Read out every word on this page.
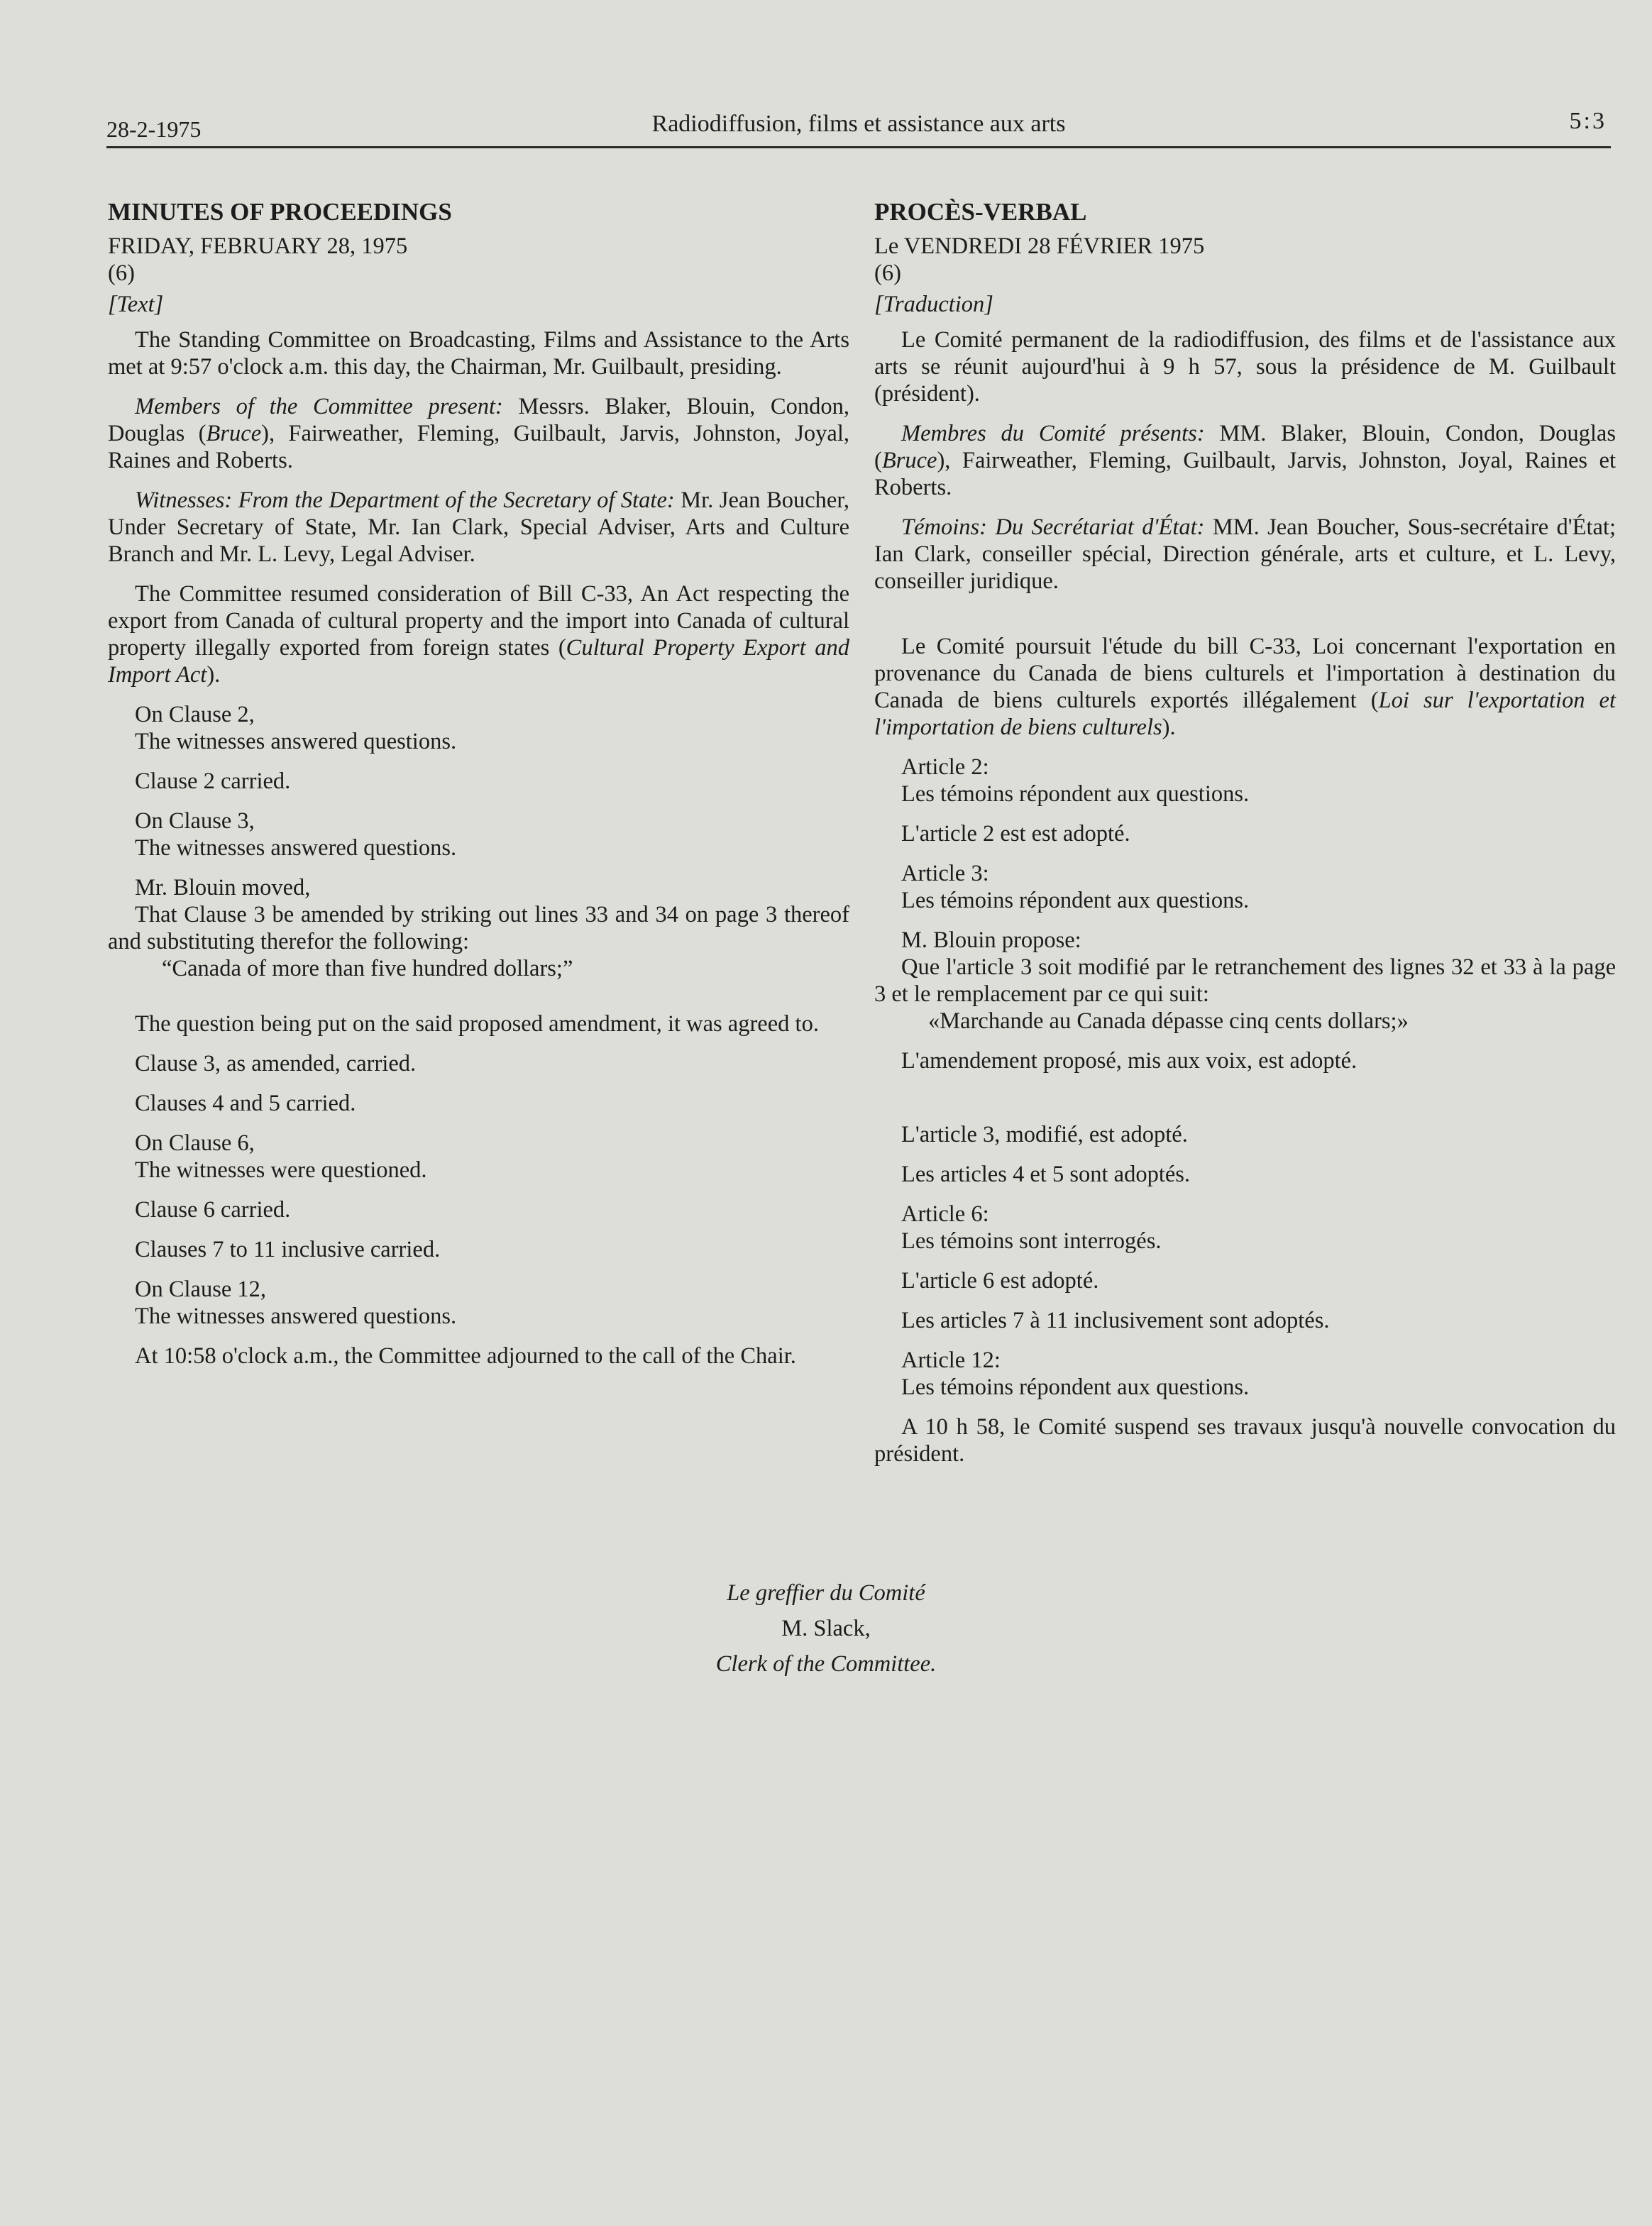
28-2-1975	Radiodiffusion, films et assistance aux arts	5:3
MINUTES OF PROCEEDINGS
FRIDAY, FEBRUARY 28, 1975
(6)
[Text]

The Standing Committee on Broadcasting, Films and Assistance to the Arts met at 9:57 o'clock a.m. this day, the Chairman, Mr. Guilbault, presiding.

Members of the Committee present: Messrs. Blaker, Blouin, Condon, Douglas (Bruce), Fairweather, Fleming, Guilbault, Jarvis, Johnston, Joyal, Raines and Roberts.

Witnesses: From the Department of the Secretary of State: Mr. Jean Boucher, Under Secretary of State, Mr. Ian Clark, Special Adviser, Arts and Culture Branch and Mr. L. Levy, Legal Adviser.

The Committee resumed consideration of Bill C-33, An Act respecting the export from Canada of cultural property and the import into Canada of cultural property illegally exported from foreign states (Cultural Property Export and Import Act).

On Clause 2,
The witnesses answered questions.
Clause 2 carried.
On Clause 3,
The witnesses answered questions.
Mr. Blouin moved,

That Clause 3 be amended by striking out lines 33 and 34 on page 3 thereof and substituting therefor the following:

“Canada of more than five hundred dollars;”

The question being put on the said proposed amendment, it was agreed to.

Clause 3, as amended, carried.
Clauses 4 and 5 carried.
On Clause 6,
The witnesses were questioned.
Clause 6 carried.
Clauses 7 to 11 inclusive carried.
On Clause 12,
The witnesses answered questions.

At 10:58 o'clock a.m., the Committee adjourned to the call of the Chair.

PROCÈS-VERBAL
Le VENDREDI 28 FÉVRIER 1975
(6)
[Traduction]

Le Comité permanent de la radiodiffusion, des films et de l'assistance aux arts se réunit aujourd'hui à 9 h 57, sous la présidence de M. Guilbault (président).

Membres du Comité présents: MM. Blaker, Blouin, Condon, Douglas (Bruce), Fairweather, Fleming, Guilbault, Jarvis, Johnston, Joyal, Raines et Roberts.

Témoins: Du Secrétariat d'État: MM. Jean Boucher, Sous-secrétaire d'État; Ian Clark, conseiller spécial, Direction générale, arts et culture, et L. Levy, conseiller juridique.

Le Comité poursuit l'étude du bill C-33, Loi concernant l'exportation en provenance du Canada de biens culturels et l'importation à destination du Canada de biens culturels exportés illégalement (Loi sur l'exportation et l'importation de biens culturels).

Article 2:
Les témoins répondent aux questions.
L'article 2 est est adopté.
Article 3:
Les témoins répondent aux questions.
M. Blouin propose:

Que l'article 3 soit modifié par le retranchement des lignes 32 et 33 à la page 3 et le remplacement par ce qui suit:

«Marchande au Canada dépasse cinq cents dollars;»

L'amendement proposé, mis aux voix, est adopté.
L'article 3, modifié, est adopté.
Les articles 4 et 5 sont adoptés.
Article 6:
Les témoins sont interrogés.
L'article 6 est adopté.
Les articles 7 à 11 inclusivement sont adoptés.
Article 12:
Les témoins répondent aux questions.

A 10 h 58, le Comité suspend ses travaux jusqu'à nouvelle convocation du président.

Le greffier du Comité
M. Slack,
Clerk of the Committee.
